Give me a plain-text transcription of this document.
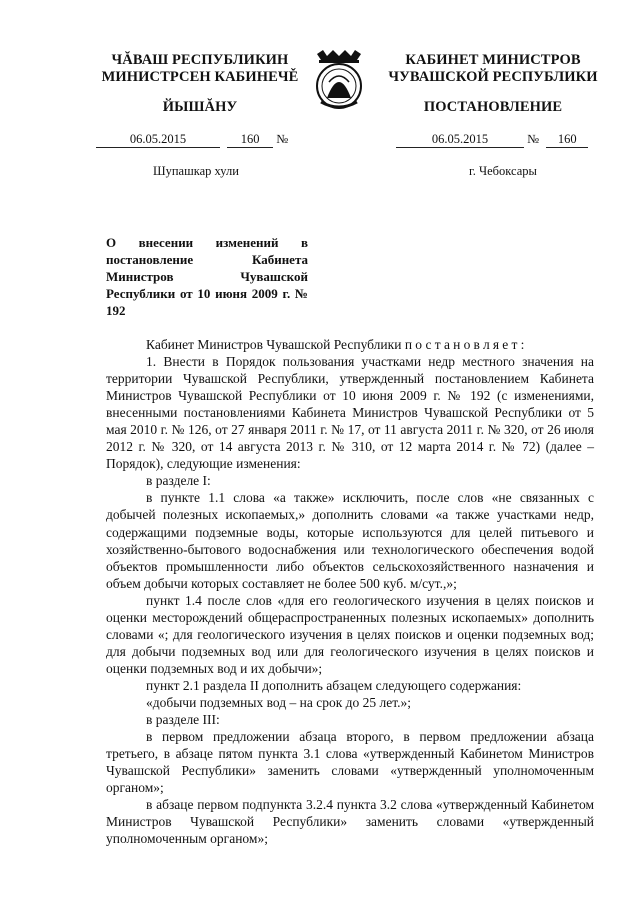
ЧĂВАШ РЕСПУБЛИКИН
МИНИСТРСЕН КАБИНЕЧĚ
ЙЫШĂНУ
КАБИНЕТ МИНИСТРОВ
ЧУВАШСКОЙ РЕСПУБЛИКИ
ПОСТАНОВЛЕНИЕ
06.05.2015	160 №	06.05.2015	№ 160
Шупашкар хули	г. Чебоксары
О внесении изменений в постановление Кабинета Министров Чувашской Республики от 10 июня 2009 г. № 192

Кабинет Министров Чувашской Республики постановляет:

1. Внести в Порядок пользования участками недр местного значения на территории Чувашской Республики, утвержденный постановлением Кабинета Министров Чувашской Республики от 10 июня 2009 г. № 192 (с изменениями, внесенными постановлениями Кабинета Министров Чувашской Республики от 5 мая 2010 г. № 126, от 27 января 2011 г. № 17, от 11 августа 2011 г. № 320, от 26 июля 2012 г. № 320, от 14 августа 2013 г. № 310, от 12 марта 2014 г. № 72) (далее – Порядок), следующие изменения:

в разделе I:

в пункте 1.1 слова «а также» исключить, после слов «не связанных с добычей полезных ископаемых,» дополнить словами «а также участками недр, содержащими подземные воды, которые используются для целей питьевого и хозяйственно-бытового водоснабжения или технологического обеспечения водой объектов промышленности либо объектов сельскохозяйственного назначения и объем добычи которых составляет не более 500 куб. м/сут.,»;

пункт 1.4 после слов «для его геологического изучения в целях поисков и оценки месторождений общераспространенных полезных ископаемых» дополнить словами «; для геологического изучения в целях поисков и оценки подземных вод; для добычи подземных вод или для геологического изучения в целях поисков и оценки подземных вод и их добычи»;

пункт 2.1 раздела II дополнить абзацем следующего содержания:

«добычи подземных вод – на срок до 25 лет.»;

в разделе III:

в первом предложении абзаца второго, в первом предложении абзаца третьего, в абзаце пятом пункта 3.1 слова «утвержденный Кабинетом Министров Чувашской Республики» заменить словами «утвержденный уполномоченным органом»;

в абзаце первом подпункта 3.2.4 пункта 3.2 слова «утвержденный Кабинетом Министров Чувашской Республики» заменить словами «утвержденный уполномоченным органом»;
